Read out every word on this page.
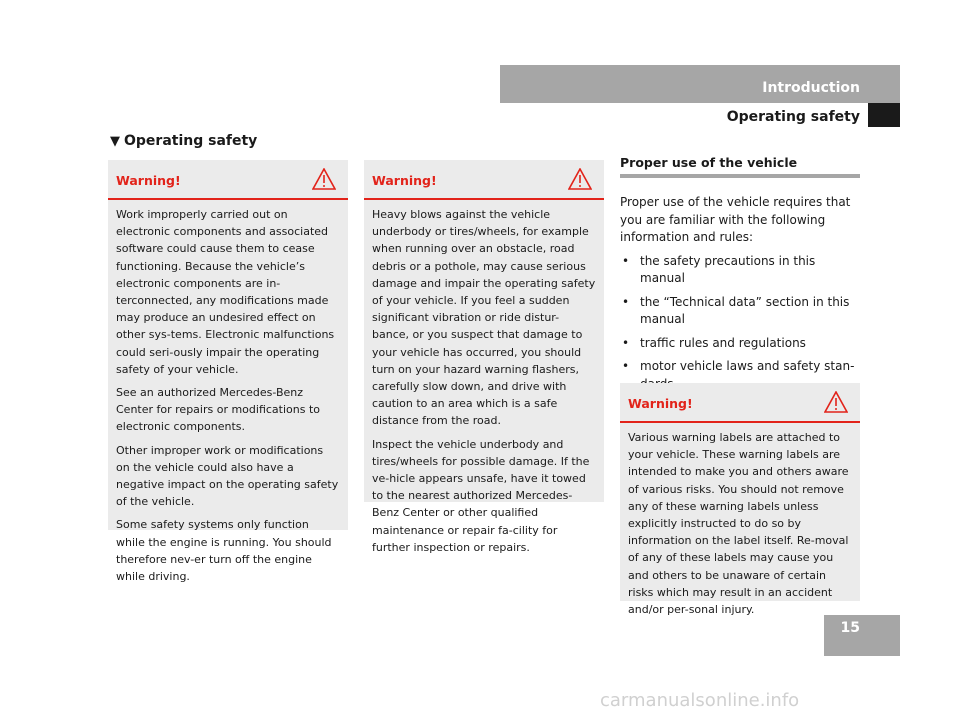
Introduction
Operating safety
▼ Operating safety
Warning!

Work improperly carried out on electronic components and associated software could cause them to cease functioning. Because the vehicle’s electronic components are in-terconnected, any modifications made may produce an undesired effect on other sys-tems. Electronic malfunctions could seri-ously impair the operating safety of your vehicle.

See an authorized Mercedes-Benz Center for repairs or modifications to electronic components.

Other improper work or modifications on the vehicle could also have a negative impact on the operating safety of the vehicle.

Some safety systems only function while the engine is running. You should therefore nev-er turn off the engine while driving.

Warning!

Heavy blows against the vehicle underbody or tires/wheels, for example when running over an obstacle, road debris or a pothole, may cause serious damage and impair the operating safety of your vehicle. If you feel a sudden significant vibration or ride distur-bance, or you suspect that damage to your vehicle has occurred, you should turn on your hazard warning flashers, carefully slow down, and drive with caution to an area which is a safe distance from the road.

Inspect the vehicle underbody and tires/wheels for possible damage. If the ve-hicle appears unsafe, have it towed to the nearest authorized Mercedes-Benz Center or other qualified maintenance or repair fa-cility for further inspection or repairs.

Proper use of the vehicle
Proper use of the vehicle requires that you are familiar with the following information and rules:
• the safety precautions in this manual
• the “Technical data” section in this manual
• traffic rules and regulations
• motor vehicle laws and safety stan-
Warning!

Various warning labels are attached to your vehicle. These warning labels are intended to make you and others aware of various risks. You should not remove any of these warning labels unless explicitly instructed to do so by information on the label itself. Re-moval of any of these labels may cause you and others to be unaware of certain risks which may result in an accident and/or per-sonal injury.

15
carmanualsonline.info
